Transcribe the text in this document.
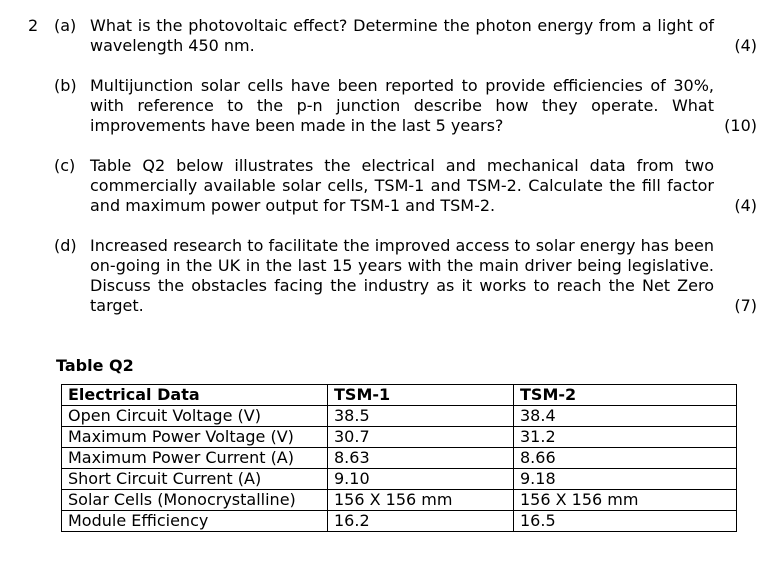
2 (a) What is the photovoltaic effect? Determine the photon energy from a light of wavelength 450 nm.	(4)
(b) Multijunction solar cells have been reported to provide efficiencies of 30%, with reference to the p-n junction describe how they operate. What improvements have been made in the last 5 years?	(10)
(c) Table Q2 below illustrates the electrical and mechanical data from two commercially available solar cells, TSM-1 and TSM-2. Calculate the fill factor and maximum power output for TSM-1 and TSM-2.	(4)
(d) Increased research to facilitate the improved access to solar energy has been on-going in the UK in the last 15 years with the main driver being legislative. Discuss the obstacles facing the industry as it works to reach the Net Zero target.	(7)
Table Q2
Electrical Data	TSM-1	TSM-2
Open Circuit Voltage (V)	38.5	38.4
Maximum Power Voltage (V)	30.7	31.2
Maximum Power Current (A)	8.63	8.66
Short Circuit Current (A)	9.10	9.18
Solar Cells (Monocrystalline)	156 X 156 mm	156 X 156 mm
Module Efficiency	16.2	16.5
